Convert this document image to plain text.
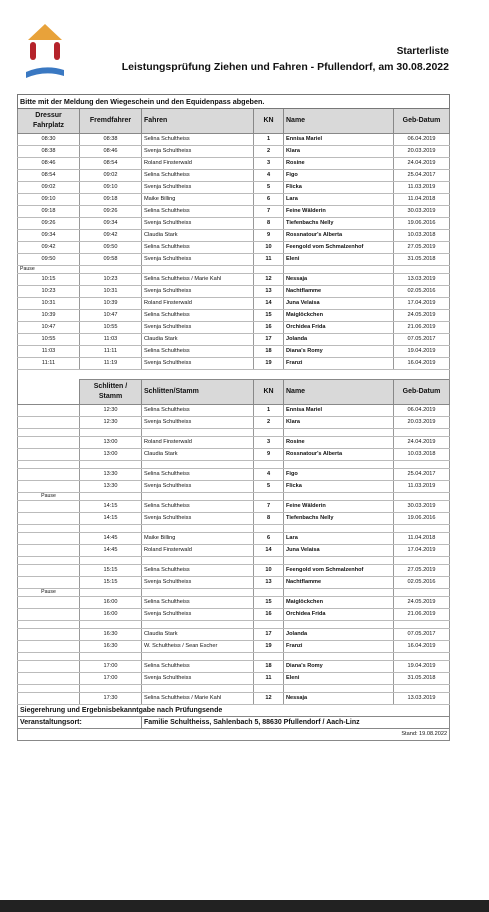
Starterliste
Leistungsprüfung Ziehen und Fahren - Pfullendorf, am 30.08.2022
Bitte mit der Meldung den Wiegeschein und den Equidenpass abgeben.					
Dressur Fahrplatz	Fremdfahrer	Fahren	KN	Name	Geb-Datum
08:30	08:38	Selina Schultheiss	1	Ennisa Mariel	06.04.2019
08:38	08:46	Svenja Schultheiss	2	Klara	20.03.2019
08:46	08:54	Roland Finsterwald	3	Rosine	24.04.2019
08:54	09:02	Selina Schultheiss	4	Figo	25.04.2017
09:02	09:10	Svenja Schultheiss	5	Flicka	11.03.2019
09:10	09:18	Maike Billing	6	Lara	11.04.2018
09:18	09:26	Selina Schultheiss	7	Feine Wälderin	30.03.2019
09:26	09:34	Svenja Schultheiss	8	Tiefenbachs Nelly	19.06.2016
09:34	09:42	Claudia Stark	9	Rossnatour's Alberta	10.03.2018
09:42	09:50	Selina Schultheiss	10	Feengold vom Schmalzenhof	27.05.2019
09:50	09:58	Svenja Schultheiss	11	Eleni	31.05.2018
Pause					
10:15	10:23	Selina Schultheiss / Marie Kahl	12	Nessaja	13.03.2019
10:23	10:31	Svenja Schultheiss	13	Nachtflamme	02.05.2016
10:31	10:39	Roland Finsterwald	14	Juna Velaisa	17.04.2019
10:39	10:47	Selina Schultheiss	15	Maiglöckchen	24.05.2019
10:47	10:55	Svenja Schultheiss	16	Orchidea Frida	21.06.2019
10:55	11:03	Claudia Stark	17	Jolanda	07.05.2017
11:03	11:11	Selina Schultheiss	18	Diana's Romy	19.04.2019
11:11	11:19	Svenja Schultheiss	19	Franzi	16.04.2019

	Schlitten / Stamm	Schlitten/Stamm	KN	Name	Geb-Datum
	12:30	Selina Schultheiss	1	Ennisa Mariel	06.04.2019
	12:30	Svenja Schultheiss	2	Klara	20.03.2019

	13:00	Roland Finsterwald	3	Rosine	24.04.2019
	13:00	Claudia Stark	9	Rossnatour's Alberta	10.03.2018

	13:30	Selina Schultheiss	4	Figo	25.04.2017
	13:30	Svenja Schultheiss	5	Flicka	11.03.2019
Pause					
	14:15	Selina Schultheiss	7	Feine Wälderin	30.03.2019
	14:15	Svenja Schultheiss	8	Tiefenbachs Nelly	19.06.2016

	14:45	Maike Billing	6	Lara	11.04.2018
	14:45	Roland Finsterwald	14	Juna Velaisa	17.04.2019

	15:15	Selina Schultheiss	10	Feengold vom Schmalzenhof	27.05.2019
	15:15	Svenja Schultheiss	13	Nachtflamme	02.05.2016
Pause					
	16:00	Selina Schultheiss	15	Maiglöckchen	24.05.2019
	16:00	Svenja Schultheiss	16	Orchidea Frida	21.06.2019

	16:30	Claudia Stark	17	Jolanda	07.05.2017
	16:30	W. Schultheiss / Sean Escher	19	Franzi	16.04.2019

	17:00	Selina Schultheiss	18	Diana's Romy	19.04.2019
	17:00	Svenja Schultheiss	11	Eleni	31.05.2018

	17:30	Selina Schultheiss / Marie Kahl	12	Nessaja	13.03.2019
Siegerehrung und Ergebnisbekanntgabe nach Prüfungsende					
Veranstaltungsort:		Familie Schultheiss, Sahlenbach 5, 88630 Pfullendorf / Aach-Linz			
Stand: 19.08.2022					
